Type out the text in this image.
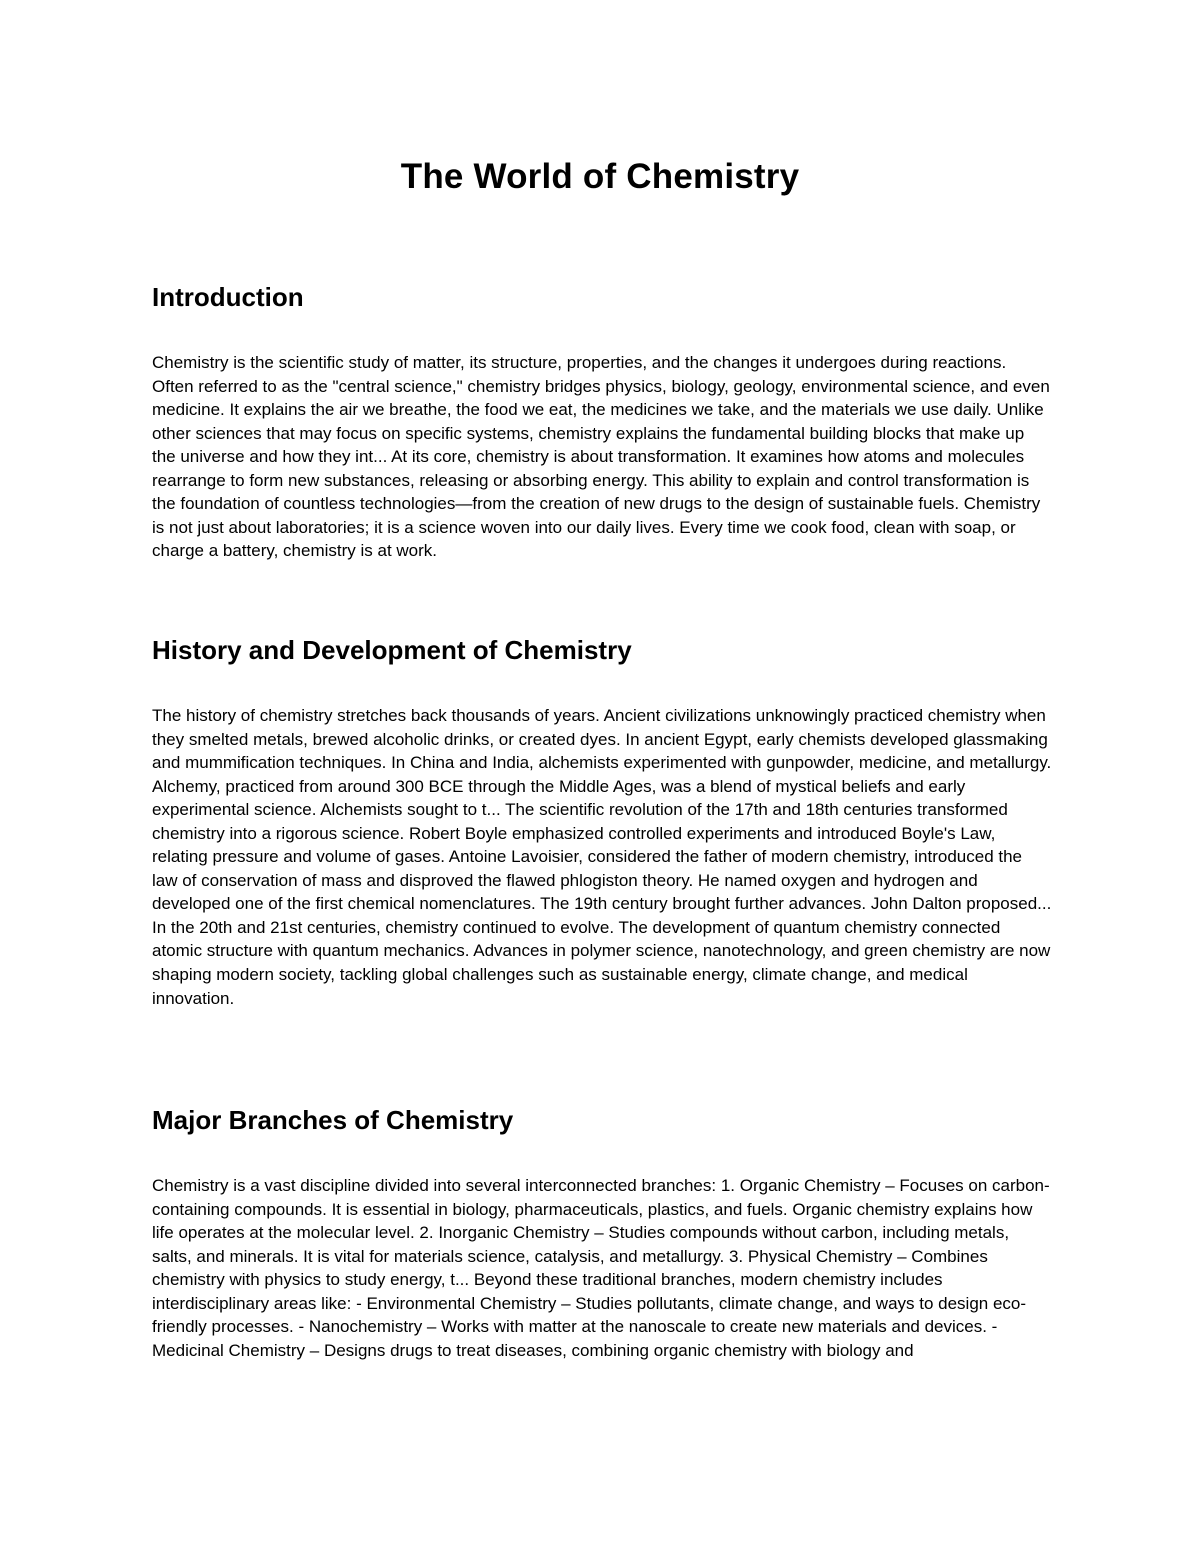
The World of Chemistry
Introduction

Chemistry is the scientific study of matter, its structure, properties, and the changes it undergoes during reactions. Often referred to as the "central science," chemistry bridges physics, biology, geology, environmental science, and even medicine. It explains the air we breathe, the food we eat, the medicines we take, and the materials we use daily. Unlike other sciences that may focus on specific systems, chemistry explains the fundamental building blocks that make up the universe and how they int... At its core, chemistry is about transformation. It examines how atoms and molecules rearrange to form new substances, releasing or absorbing energy. This ability to explain and control transformation is the foundation of countless technologies—from the creation of new drugs to the design of sustainable fuels. Chemistry is not just about laboratories; it is a science woven into our daily lives. Every time we cook food, clean with soap, or charge a battery, chemistry is at work.

History and Development of Chemistry

The history of chemistry stretches back thousands of years. Ancient civilizations unknowingly practiced chemistry when they smelted metals, brewed alcoholic drinks, or created dyes. In ancient Egypt, early chemists developed glassmaking and mummification techniques. In China and India, alchemists experimented with gunpowder, medicine, and metallurgy. Alchemy, practiced from around 300 BCE through the Middle Ages, was a blend of mystical beliefs and early experimental science. Alchemists sought to t... The scientific revolution of the 17th and 18th centuries transformed chemistry into a rigorous science. Robert Boyle emphasized controlled experiments and introduced Boyle's Law, relating pressure and volume of gases. Antoine Lavoisier, considered the father of modern chemistry, introduced the law of conservation of mass and disproved the flawed phlogiston theory. He named oxygen and hydrogen and developed one of the first chemical nomenclatures. The 19th century brought further advances. John Dalton proposed... In the 20th and 21st centuries, chemistry continued to evolve. The development of quantum chemistry connected atomic structure with quantum mechanics. Advances in polymer science, nanotechnology, and green chemistry are now shaping modern society, tackling global challenges such as sustainable energy, climate change, and medical innovation.

Major Branches of Chemistry

Chemistry is a vast discipline divided into several interconnected branches: 1. Organic Chemistry – Focuses on carbon-containing compounds. It is essential in biology, pharmaceuticals, plastics, and fuels. Organic chemistry explains how life operates at the molecular level. 2. Inorganic Chemistry – Studies compounds without carbon, including metals, salts, and minerals. It is vital for materials science, catalysis, and metallurgy. 3. Physical Chemistry – Combines chemistry with physics to study energy, t... Beyond these traditional branches, modern chemistry includes interdisciplinary areas like: - Environmental Chemistry – Studies pollutants, climate change, and ways to design eco-friendly processes. - Nanochemistry – Works with matter at the nanoscale to create new materials and devices. - Medicinal Chemistry – Designs drugs to treat diseases, combining organic chemistry with biology and
